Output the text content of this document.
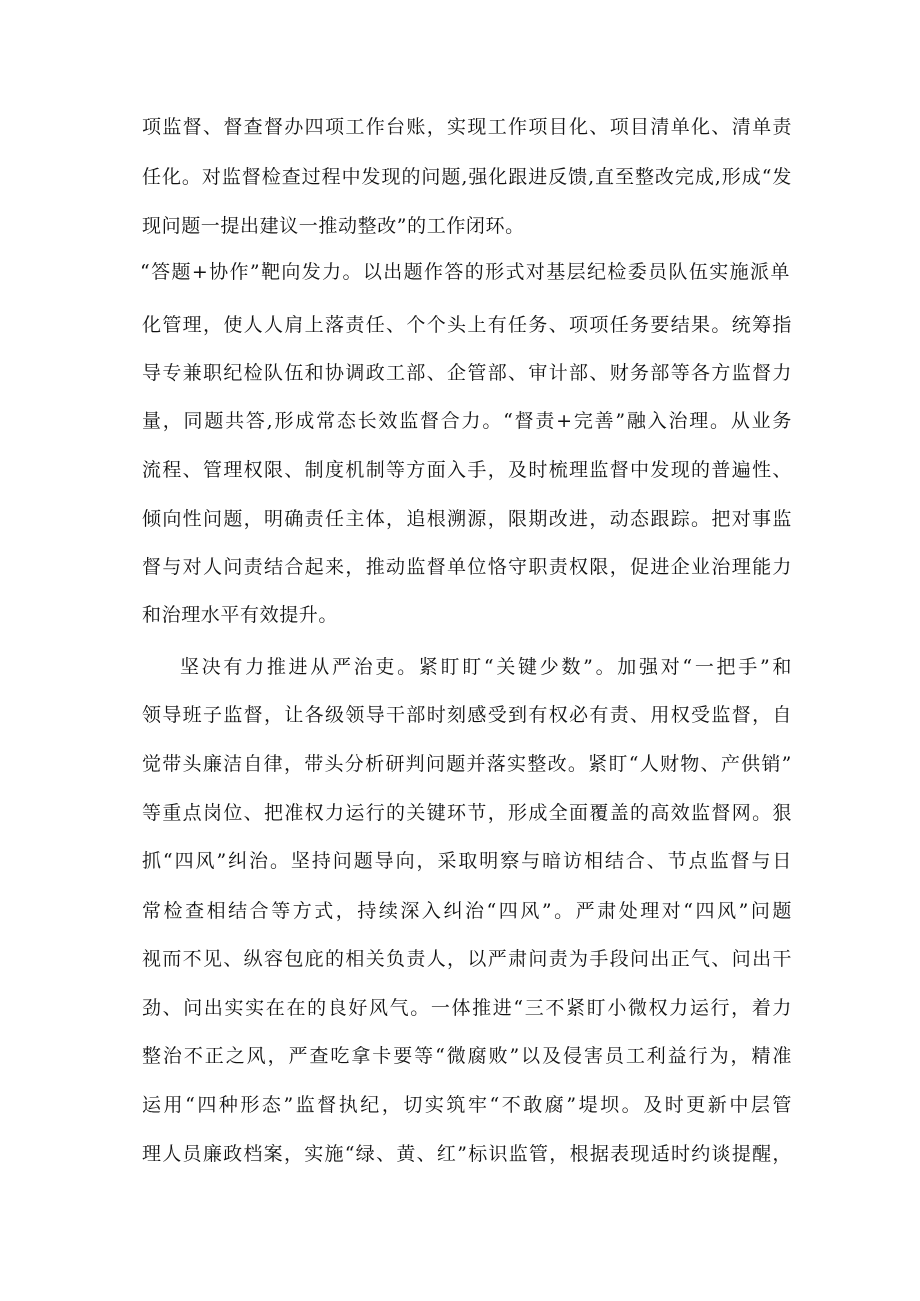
项监督、督查督办四项工作台账，实现工作项目化、项目清单化、清单责
任化。对监督检查过程中发现的问题,强化跟进反馈,直至整改完成,形成“发
现问题一提出建议一推动整改”的工作闭环。
“答题+协作”靶向发力。以出题作答的形式对基层纪检委员队伍实施派单
化管理，使人人肩上落责任、个个头上有任务、项项任务要结果。统筹指
导专兼职纪检队伍和协调政工部、企管部、审计部、财务部等各方监督力
量，同题共答,形成常态长效监督合力。“督责+完善”融入治理。从业务
流程、管理权限、制度机制等方面入手，及时梳理监督中发现的普遍性、
倾向性问题，明确责任主体，追根溯源，限期改进，动态跟踪。把对事监
督与对人问责结合起来，推动监督单位恪守职责权限，促进企业治理能力
和治理水平有效提升。
坚决有力推进从严治吏。紧盯盯“关键少数”。加强对“一把手”和
领导班子监督，让各级领导干部时刻感受到有权必有责、用权受监督，自
觉带头廉洁自律，带头分析研判问题并落实整改。紧盯“人财物、产供销”
等重点岗位、把准权力运行的关键环节，形成全面覆盖的高效监督网。狠
抓“四风”纠治。坚持问题导向，采取明察与暗访相结合、节点监督与日
常检查相结合等方式，持续深入纠治“四风”。严肃处理对“四风”问题
视而不见、纵容包庇的相关负责人，以严肃问责为手段问出正气、问出干
劲、问出实实在在的良好风气。一体推进“三不紧盯小微权力运行，着力
整治不正之风，严查吃拿卡要等“微腐败”以及侵害员工利益行为，精准
运用“四种形态”监督执纪，切实筑牢“不敢腐”堤坝。及时更新中层管
理人员廉政档案，实施“绿、黄、红”标识监管，根据表现适时约谈提醒，
